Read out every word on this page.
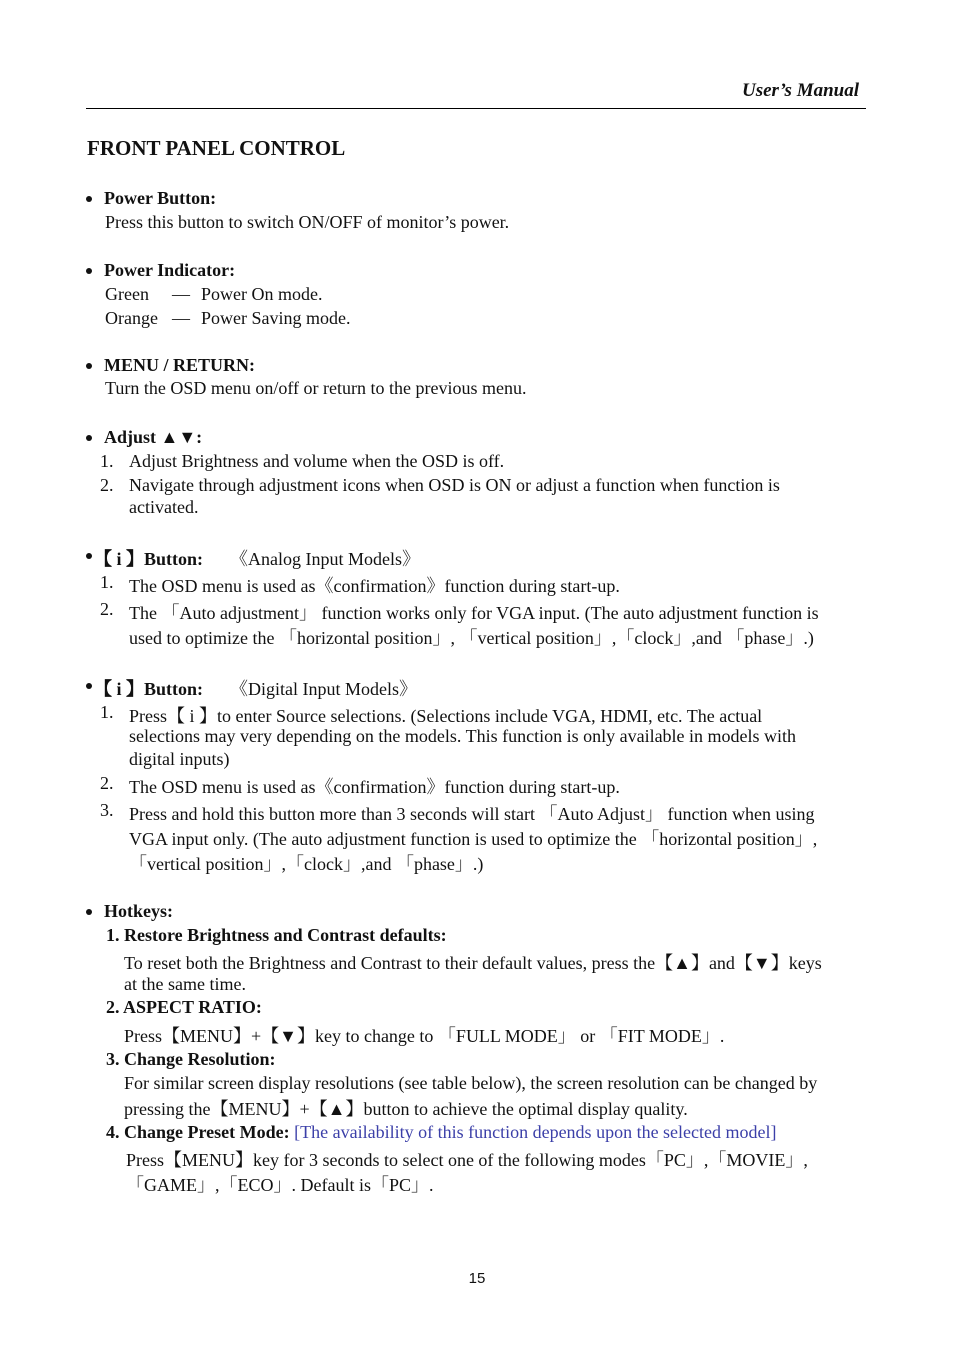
User’s Manual
FRONT PANEL CONTROL
Power Button:
Press this button to switch ON/OFF of monitor’s power.
Power Indicator:
Green — Power On mode.
Orange — Power Saving mode.
MENU / RETURN:
Turn the OSD menu on/off or return to the previous menu.
Adjust ▲▼:
1. Adjust Brightness and volume when the OSD is off.
2. Navigate through adjustment icons when OSD is ON or adjust a function when function is
activated.
【 i 】Button: 《Analog Input Models》
1. The OSD menu is used as《confirmation》function during start-up.
2. The 「Auto adjustment」 function works only for VGA input. (The auto adjustment function is
used to optimize the 「horizontal position」, 「vertical position」,「clock」,and 「phase」.)
【 i 】Button: 《Digital Input Models》
1. Press【 i 】to enter Source selections. (Selections include VGA, HDMI, etc. The actual
selections may very depending on the models. This function is only available in models with
digital inputs)
2. The OSD menu is used as《confirmation》function during start-up.
3. Press and hold this button more than 3 seconds will start 「Auto Adjust」 function when using
VGA input only. (The auto adjustment function is used to optimize the 「horizontal position」,
「vertical position」,「clock」,and 「phase」.)
Hotkeys:
1. Restore Brightness and Contrast defaults:
To reset both the Brightness and Contrast to their default values, press the【▲】and【▼】keys
at the same time.
2. ASPECT RATIO:
Press【MENU】+【▼】key to change to 「FULL MODE」 or 「FIT MODE」.
3. Change Resolution:
For similar screen display resolutions (see table below), the screen resolution can be changed by
pressing the【MENU】+【▲】button to achieve the optimal display quality.
4. Change Preset Mode: [The availability of this function depends upon the selected model]
Press【MENU】key for 3 seconds to select one of the following modes「PC」,「MOVIE」,
「GAME」,「ECO」. Default is「PC」.
15
